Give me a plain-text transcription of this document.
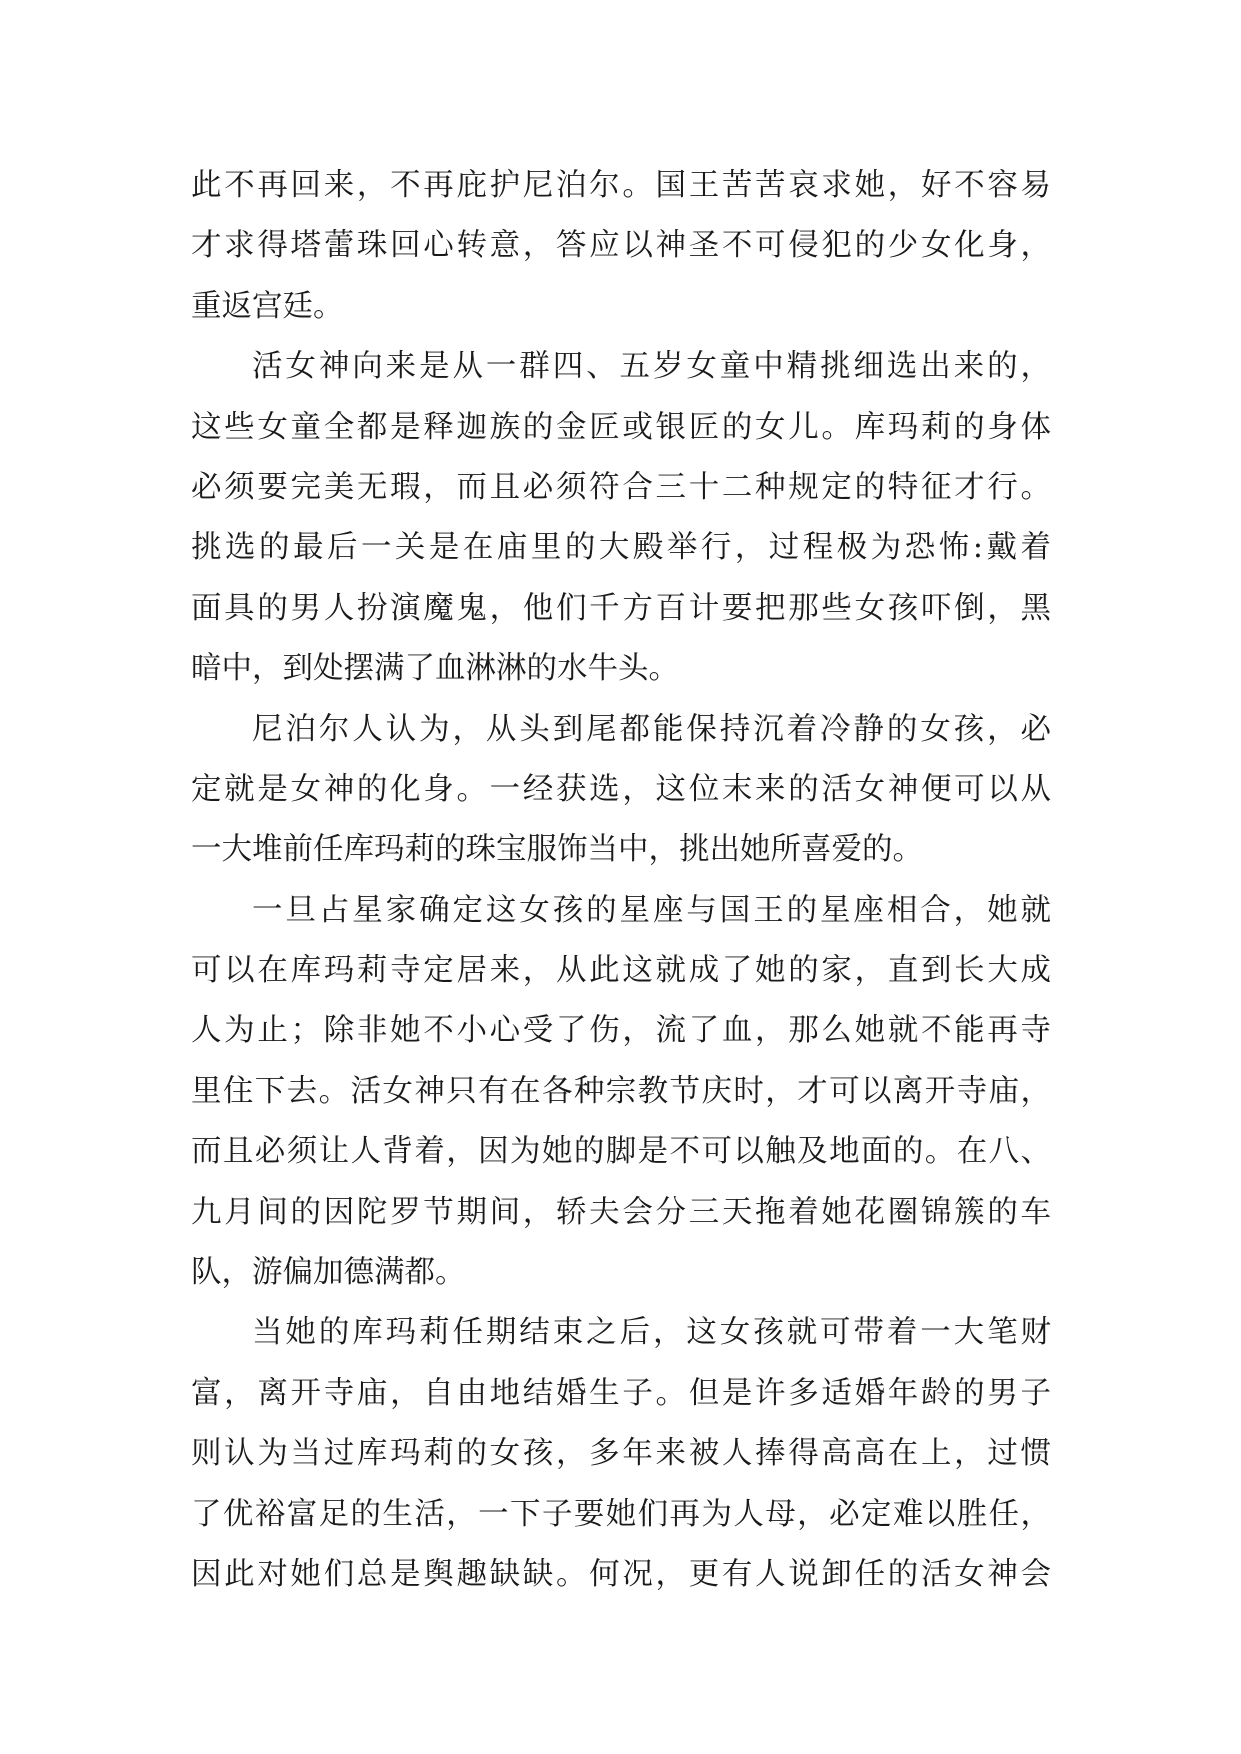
此不再回来，不再庇护尼泊尔。国王苦苦哀求她，好不容易
才求得塔蕾珠回心转意，答应以神圣不可侵犯的少女化身，
重返宫廷。
活女神向来是从一群四、五岁女童中精挑细选出来的，
这些女童全都是释迦族的金匠或银匠的女儿。库玛莉的身体
必须要完美无瑕，而且必须符合三十二种规定的特征才行。
挑选的最后一关是在庙里的大殿举行，过程极为恐怖:戴着
面具的男人扮演魔鬼，他们千方百计要把那些女孩吓倒，黑
暗中，到处摆满了血淋淋的水牛头。
尼泊尔人认为，从头到尾都能保持沉着冷静的女孩，必
定就是女神的化身。一经获选，这位末来的活女神便可以从
一大堆前任库玛莉的珠宝服饰当中，挑出她所喜爱的。
一旦占星家确定这女孩的星座与国王的星座相合，她就
可以在库玛莉寺定居来，从此这就成了她的家，直到长大成
人为止；除非她不小心受了伤，流了血，那么她就不能再寺
里住下去。活女神只有在各种宗教节庆时，才可以离开寺庙，
而且必须让人背着，因为她的脚是不可以触及地面的。在八、
九月间的因陀罗节期间，轿夫会分三天拖着她花圈锦簇的车
队，游偏加德满都。
当她的库玛莉任期结束之后，这女孩就可带着一大笔财
富，离开寺庙，自由地结婚生子。但是许多适婚年龄的男子
则认为当过库玛莉的女孩，多年来被人捧得高高在上，过惯
了优裕富足的生活，一下子要她们再为人母，必定难以胜任，
因此对她们总是舆趣缺缺。何况，更有人说卸任的活女神会
